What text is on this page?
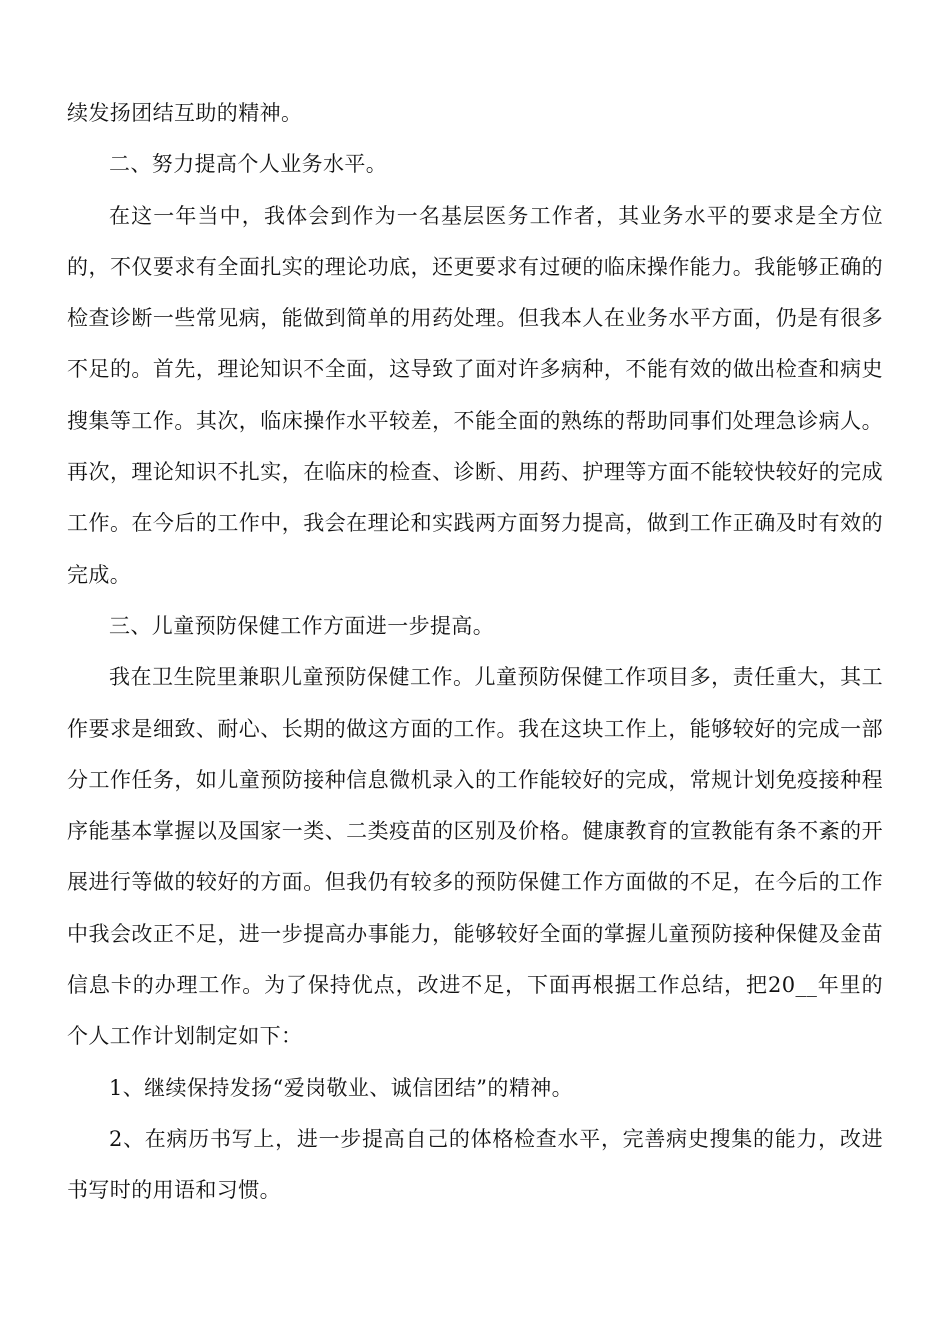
续发扬团结互助的精神。

二、努力提高个人业务水平。

在这一年当中，我体会到作为一名基层医务工作者，其业务水平的要求是全方位的，不仅要求有全面扎实的理论功底，还更要求有过硬的临床操作能力。我能够正确的检查诊断一些常见病，能做到简单的用药处理。但我本人在业务水平方面，仍是有很多不足的。首先，理论知识不全面，这导致了面对许多病种，不能有效的做出检查和病史搜集等工作。其次，临床操作水平较差，不能全面的熟练的帮助同事们处理急诊病人。再次，理论知识不扎实，在临床的检查、诊断、用药、护理等方面不能较快较好的完成工作。在今后的工作中，我会在理论和实践两方面努力提高，做到工作正确及时有效的完成。

三、儿童预防保健工作方面进一步提高。

我在卫生院里兼职儿童预防保健工作。儿童预防保健工作项目多，责任重大，其工作要求是细致、耐心、长期的做这方面的工作。我在这块工作上，能够较好的完成一部分工作任务，如儿童预防接种信息微机录入的工作能较好的完成，常规计划免疫接种程序能基本掌握以及国家一类、二类疫苗的区别及价格。健康教育的宣教能有条不紊的开展进行等做的较好的方面。但我仍有较多的预防保健工作方面做的不足，在今后的工作中我会改正不足，进一步提高办事能力，能够较好全面的掌握儿童预防接种保健及金苗信息卡的办理工作。为了保持优点，改进不足，下面再根据工作总结，把20__年里的个人工作计划制定如下：

1、继续保持发扬“爱岗敬业、诚信团结”的精神。

2、在病历书写上，进一步提高自己的体格检查水平，完善病史搜集的能力，改进书写时的用语和习惯。
